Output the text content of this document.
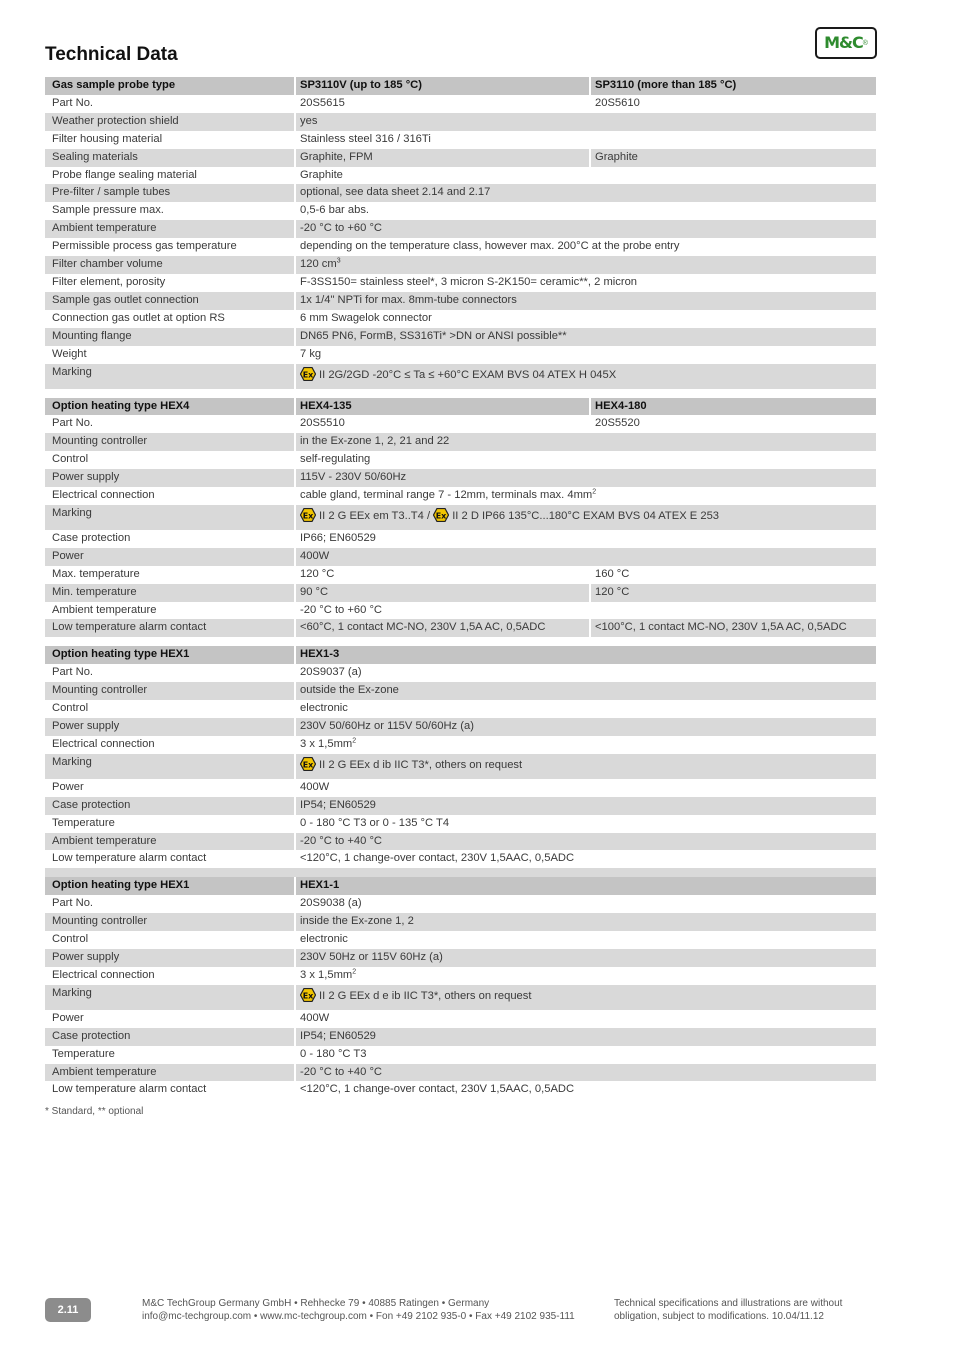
Technical Data
M&C ®
Gas sample probe type	SP3110V (up to 185 °C)	SP3110 (more than 185 °C)
Part No.	20S5615	20S5610
Weather protection shield	yes	
Filter housing material	Stainless steel 316 / 316Ti	
Sealing materials	Graphite, FPM	Graphite
Probe flange sealing material	Graphite	
Pre-filter / sample tubes	optional, see data sheet 2.14 and 2.17	
Sample pressure max.	0,5-6 bar abs.	
Ambient temperature	-20 °C to +60 °C	
Permissible process gas temperature	depending on the temperature class, however max. 200°C at the probe entry	
Filter chamber volume	120 $cm^3$
Filter element, porosity	F-3SS150= stainless steel*, 3 micron S-2K150= ceramic**, 2 micron	
Sample gas outlet connection	1x 1/4" NPTi for max. 8mm-tube connectors	
Connection gas outlet at option RS	6 mm Swagelok connector	
Mounting flange	DN65 PN6, FormB, SS316Ti* >DN or ANSI possible**	
Weight	7 kg	
Marking	Ex II 2G/2GD -20°C ≤ Ta ≤ +60°C EXAM BVS 04 ATEX H 045X	

Option heating type HEX4	HEX4-135	HEX4-180
Part No.	20S5510	20S5520
Mounting controller	in the Ex-zone 1, 2, 21 and 22	
Control	self-regulating	
Power supply	115V - 230V 50/60Hz	
Electrical connection	cable gland, terminal range 7 - 12mm, terminals max. $4mm^2$
Marking	Ex II 2 G EEx em T3..T4 / Ex II 2 D IP66 135°C...180°C EXAM BVS 04 ATEX E 253	
Case protection	IP66; EN60529	
Power	400W	
Max. temperature	120 °C	160 °C
Min. temperature	90 °C	120 °C
Ambient temperature	-20 °C to +60 °C	
Low temperature alarm contact	<60°C, 1 contact MC-NO, 230V 1,5A AC, 0,5ADC	<100°C, 1 contact MC-NO, 230V 1,5A AC, 0,5ADC

Option heating type HEX1	HEX1-3	
Part No.	20S9037 (a)	
Mounting controller	outside the Ex-zone	
Control	electronic	
Power supply	230V 50/60Hz or 115V 50/60Hz (a)	
Electrical connection	3 x $1,5mm^2$
Marking	Ex II 2 G EEx d ib IIC T3*, others on request	
Power	400W	
Case protection	IP54; EN60529	
Temperature	0 - 180 °C T3 or 0 - 135 °C T4	
Ambient temperature	-20 °C to +40 °C	
Low temperature alarm contact	<120°C, 1 change-over contact, 230V 1,5AAC, 0,5ADC	

Option heating type HEX1	HEX1-1	
Part No.	20S9038 (a)	
Mounting controller	inside the Ex-zone 1, 2	
Control	electronic	
Power supply	230V 50Hz or 115V 60Hz (a)	
Electrical connection	3 x $1,5mm^2$
Marking	Ex II 2 G EEx d e ib IIC T3*, others on request	
Power	400W	
Case protection	IP54; EN60529	
Temperature	0 - 180 °C T3	
Ambient temperature	-20 °C to +40 °C	
Low temperature alarm contact	<120°C, 1 change-over contact, 230V 1,5AAC, 0,5ADC	
* Standard, ** optional
2.11
M&C TechGroup Germany GmbH • Rehhecke 79 • 40885 Ratingen • Germany
info@mc-techgroup.com • www.mc-techgroup.com • Fon +49 2102 935-0 • Fax +49 2102 935-111
Technical specifications and illustrations are without
obligation, subject to modifications. 10.04/11.12
